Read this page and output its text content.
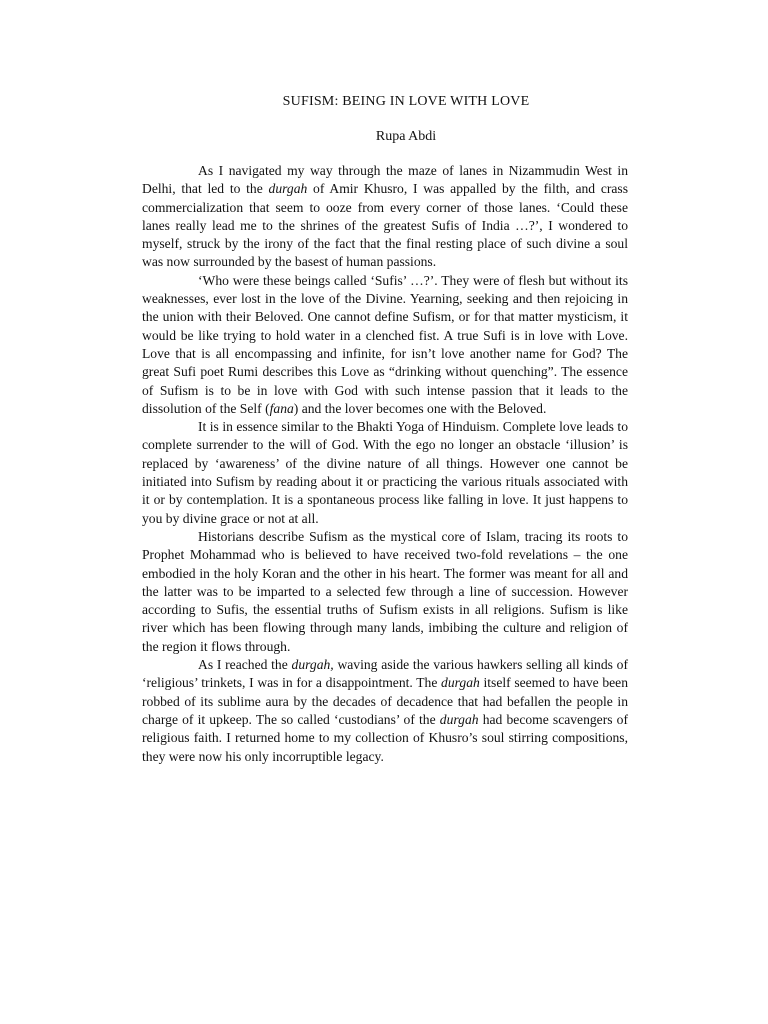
SUFISM: BEING IN LOVE WITH LOVE
Rupa Abdi

As I navigated my way through the maze of lanes in Nizammudin West in Delhi, that led to the durgah of Amir Khusro, I was appalled by the filth, and crass commercialization that seem to ooze from every corner of those lanes. ‘Could these lanes really lead me to the shrines of the greatest Sufis of India …?’, I wondered to myself, struck by the irony of the fact that the final resting place of such divine a soul was now surrounded by the basest of human passions.

‘Who were these beings called ‘Sufis’ …?’. They were of flesh but without its weaknesses, ever lost in the love of the Divine. Yearning, seeking and then rejoicing in the union with their Beloved. One cannot define Sufism, or for that matter mysticism, it would be like trying to hold water in a clenched fist. A true Sufi is in love with Love. Love that is all encompassing and infinite, for isn’t love another name for God? The great Sufi poet Rumi describes this Love as “drinking without quenching”. The essence of Sufism is to be in love with God with such intense passion that it leads to the dissolution of the Self (fana) and the lover becomes one with the Beloved.

It is in essence similar to the Bhakti Yoga of Hinduism. Complete love leads to complete surrender to the will of God. With the ego no longer an obstacle ‘illusion’ is replaced by ‘awareness’ of the divine nature of all things. However one cannot be initiated into Sufism by reading about it or practicing the various rituals associated with it or by contemplation. It is a spontaneous process like falling in love. It just happens to you by divine grace or not at all.

Historians describe Sufism as the mystical core of Islam, tracing its roots to Prophet Mohammad who is believed to have received two-fold revelations – the one embodied in the holy Koran and the other in his heart. The former was meant for all and the latter was to be imparted to a selected few through a line of succession. However according to Sufis, the essential truths of Sufism exists in all religions. Sufism is like river which has been flowing through many lands, imbibing the culture and religion of the region it flows through.

As I reached the durgah, waving aside the various hawkers selling all kinds of ‘religious’ trinkets, I was in for a disappointment. The durgah itself seemed to have been robbed of its sublime aura by the decades of decadence that had befallen the people in charge of it upkeep. The so called ‘custodians’ of the durgah had become scavengers of religious faith. I returned home to my collection of Khusro’s soul stirring compositions, they were now his only incorruptible legacy.
